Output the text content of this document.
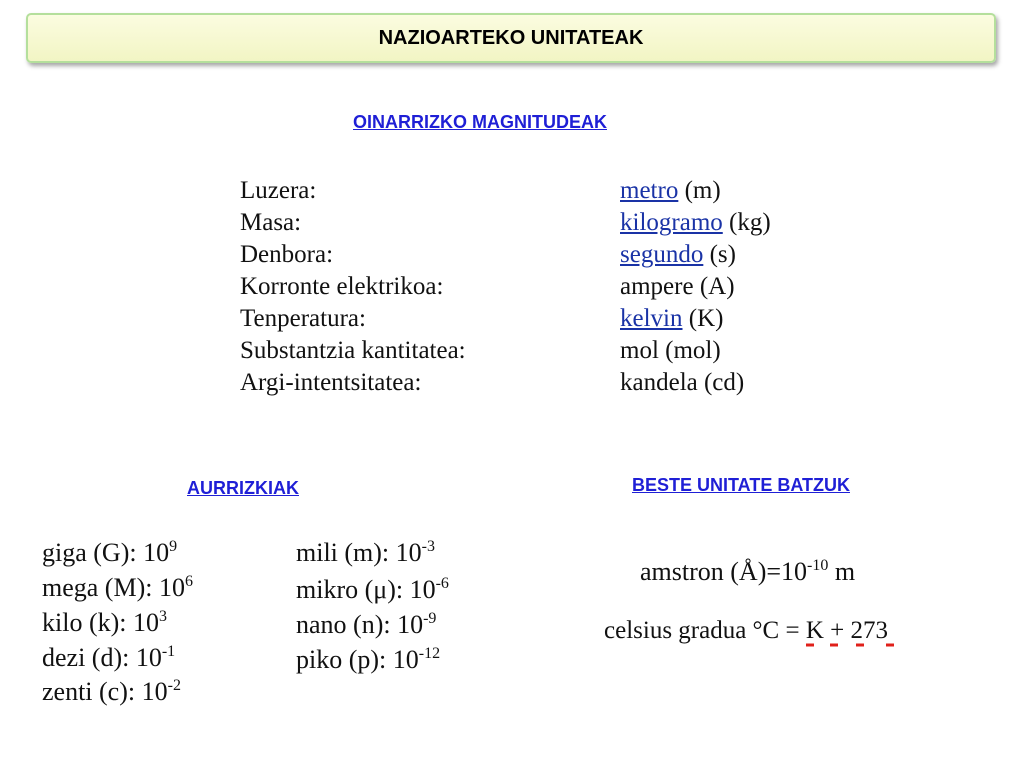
NAZIOARTEKO UNITATEAK
OINARRIZKO MAGNITUDEAK
Luzera:	metro (m)
Masa:	kilogramo (kg)
Denbora:	segundo (s)
Korronte elektrikoa:	ampere (A)
Tenperatura:	kelvin (K)
Substantzia kantitatea:	mol (mol)
Argi-intentsitatea:	kandela (cd)
AURRIZKIAK	BESTE UNITATE BATZUK
giga (G): $10^9$
mega (M): $10^6$
kilo (k): $10^3$
dezi (d): $10^{-1}$
zenti (c): $10^{-2}$
mili (m): $10^{-3}$
mikro (μ): $10^{-6}$
nano (n): $10^{-9}$
piko (p): $10^{-12}$
amstron $(Å)=10^{-10}$ m
celsius gradua °C = K + 273
